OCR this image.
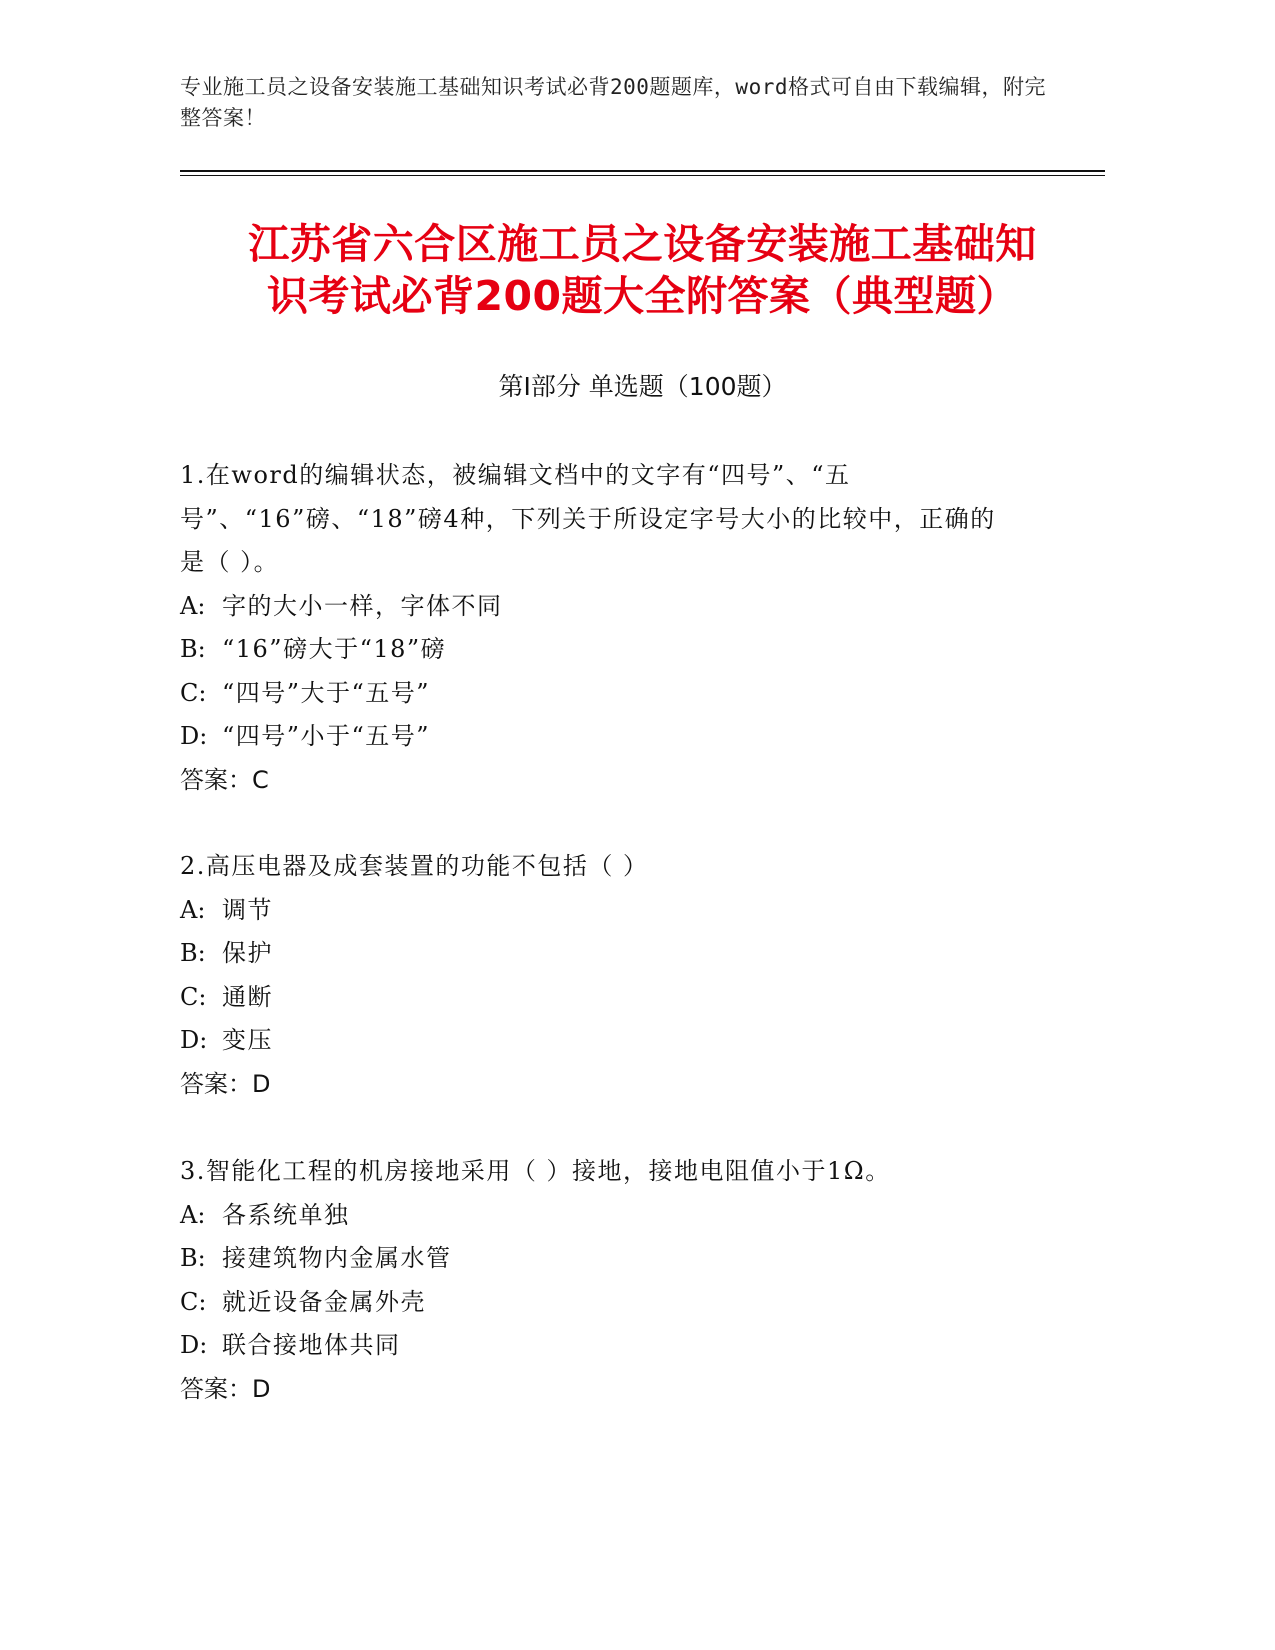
专业施工员之设备安装施工基础知识考试必背200题题库，word格式可自由下载编辑，附完整答案！
江苏省六合区施工员之设备安装施工基础知
识考试必背200题大全附答案（典型题）
第Ⅰ部分 单选题（100题）
1.在word的编辑状态，被编辑文档中的文字有“四号”、“五号”、“16”磅、“18”磅4种，下列关于所设定字号大小的比较中，正确的是（ ）。
A: 字的大小一样，字体不同
B: “16”磅大于“18”磅
C: “四号”大于“五号”
D: “四号”小于“五号”
答案：C
2.高压电器及成套装置的功能不包括（ ）
A: 调节
B: 保护
C: 通断
D: 变压
答案：D
3.智能化工程的机房接地采用（ ）接地，接地电阻值小于1Ω。
A: 各系统单独
B: 接建筑物内金属水管
C: 就近设备金属外壳
D: 联合接地体共同
答案：D
